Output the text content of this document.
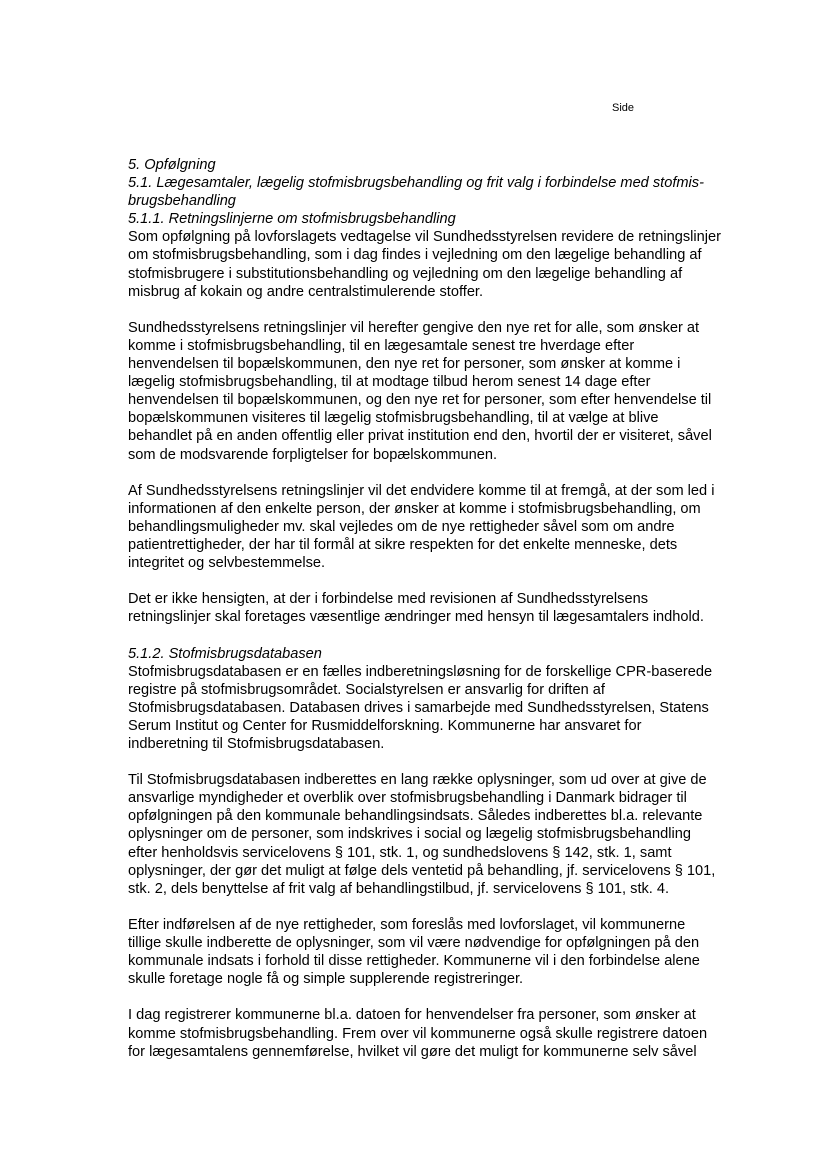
Side

5. Opfølgning

5.1. Lægesamtaler, lægelig stofmisbrugsbehandling og frit valg i forbindelse med stofmis-
brugsbehandling

5.1.1. Retningslinjerne om stofmisbrugsbehandling

Som opfølgning på lovforslagets vedtagelse vil Sundhedsstyrelsen revidere de retningslinjer
om stofmisbrugsbehandling, som i dag findes i vejledning om den lægelige behandling af
stofmisbrugere i substitutionsbehandling og vejledning om den lægelige behandling af
misbrug af kokain og andre centralstimulerende stoffer.

Sundhedsstyrelsens retningslinjer vil herefter gengive den nye ret for alle, som ønsker at
komme i stofmisbrugsbehandling, til en lægesamtale senest tre hverdage efter
henvendelsen til bopælskommunen, den nye ret for personer, som ønsker at komme i
lægelig stofmisbrugsbehandling, til at modtage tilbud herom senest 14 dage efter
henvendelsen til bopælskommunen, og den nye ret for personer, som efter henvendelse til
bopælskommunen visiteres til lægelig stofmisbrugsbehandling, til at vælge at blive
behandlet på en anden offentlig eller privat institution end den, hvortil der er visiteret, såvel
som de modsvarende forpligtelser for bopælskommunen.

Af Sundhedsstyrelsens retningslinjer vil det endvidere komme til at fremgå, at der som led i
informationen af den enkelte person, der ønsker at komme i stofmisbrugsbehandling, om
behandlingsmuligheder mv. skal vejledes om de nye rettigheder såvel som om andre
patientrettigheder, der har til formål at sikre respekten for det enkelte menneske, dets
integritet og selvbestemmelse.

Det er ikke hensigten, at der i forbindelse med revisionen af Sundhedsstyrelsens
retningslinjer skal foretages væsentlige ændringer med hensyn til lægesamtalers indhold.

5.1.2. Stofmisbrugsdatabasen

Stofmisbrugsdatabasen er en fælles indberetningsløsning for de forskellige CPR-baserede
registre på stofmisbrugsområdet. Socialstyrelsen er ansvarlig for driften af
Stofmisbrugsdatabasen. Databasen drives i samarbejde med Sundhedsstyrelsen, Statens
Serum Institut og Center for Rusmiddelforskning. Kommunerne har ansvaret for
indberetning til Stofmisbrugsdatabasen.

Til Stofmisbrugsdatabasen indberettes en lang række oplysninger, som ud over at give de
ansvarlige myndigheder et overblik over stofmisbrugsbehandling i Danmark bidrager til
opfølgningen på den kommunale behandlingsindsats. Således indberettes bl.a. relevante
oplysninger om de personer, som indskrives i social og lægelig stofmisbrugsbehandling
efter henholdsvis servicelovens § 101, stk. 1, og sundhedslovens § 142, stk. 1, samt
oplysninger, der gør det muligt at følge dels ventetid på behandling, jf. servicelovens § 101,
stk. 2, dels benyttelse af frit valg af behandlingstilbud, jf. servicelovens § 101, stk. 4.

Efter indførelsen af de nye rettigheder, som foreslås med lovforslaget, vil kommunerne
tillige skulle indberette de oplysninger, som vil være nødvendige for opfølgningen på den
kommunale indsats i forhold til disse rettigheder. Kommunerne vil i den forbindelse alene
skulle foretage nogle få og simple supplerende registreringer.

I dag registrerer kommunerne bl.a. datoen for henvendelser fra personer, som ønsker at
komme stofmisbrugsbehandling. Frem over vil kommunerne også skulle registrere datoen
for lægesamtalens gennemførelse, hvilket vil gøre det muligt for kommunerne selv såvel
